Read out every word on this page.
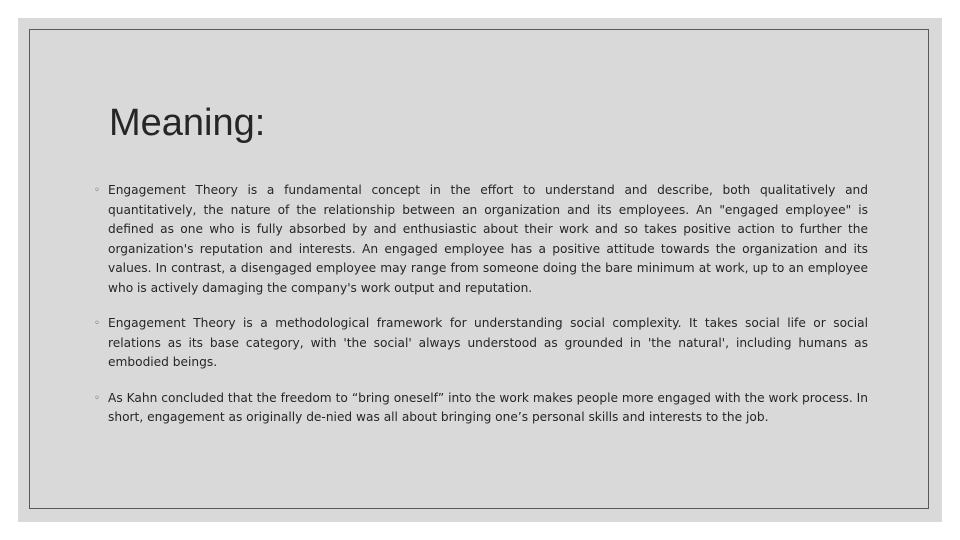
Meaning:
◦ Engagement Theory is a fundamental concept in the effort to understand and describe, both qualitatively and quantitatively, the nature of the relationship between an organization and its employees. An "engaged employee" is defined as one who is fully absorbed by and enthusiastic about their work and so takes positive action to further the organization's reputation and interests. An engaged employee has a positive attitude towards the organization and its values. In contrast, a disengaged employee may range from someone doing the bare minimum at work, up to an employee who is actively damaging the company's work output and reputation.
◦ Engagement Theory is a methodological framework for understanding social complexity. It takes social life or social relations as its base category, with 'the social' always understood as grounded in 'the natural', including humans as embodied beings.
◦ As Kahn concluded that the freedom to “bring oneself” into the work makes people more engaged with the work process. In short, engagement as originally de-nied was all about bringing one’s personal skills and interests to the job.
